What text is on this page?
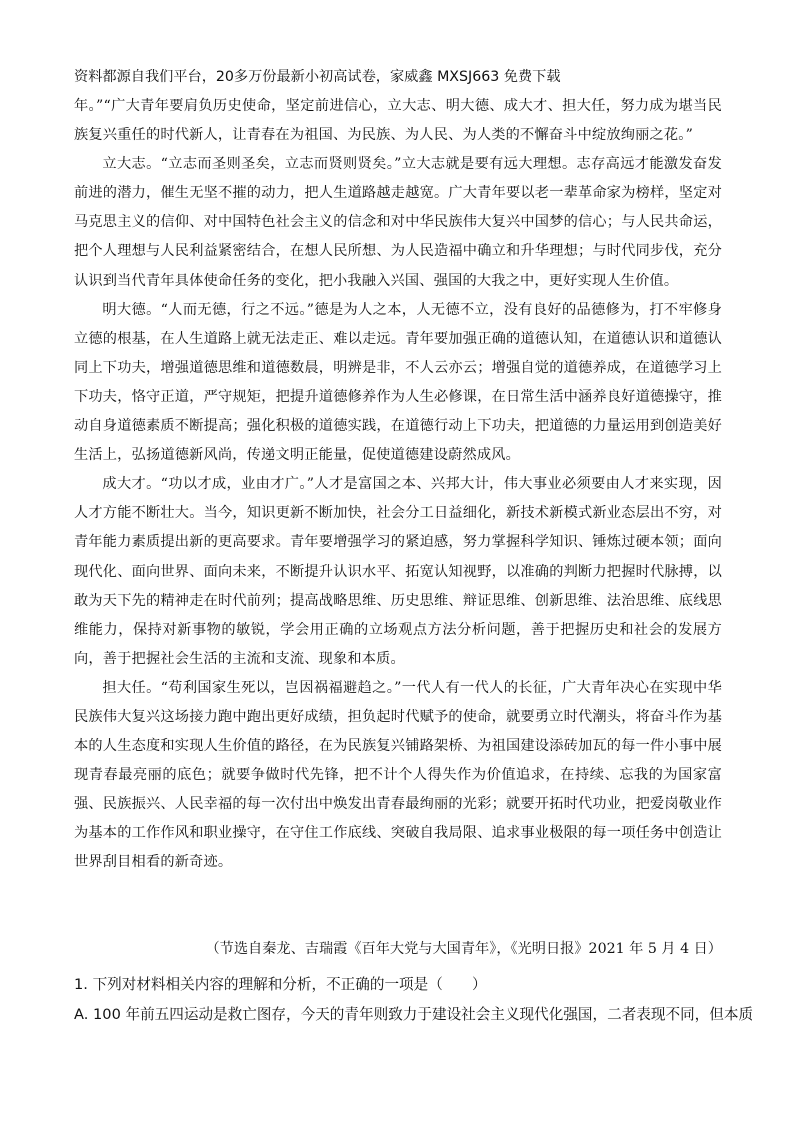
资料都源自我们平台，20多万份最新小初高试卷，家威鑫 MXSJ663 免费下载

年。”“广大青年要肩负历史使命，坚定前进信心，立大志、明大德、成大才、担大任，努力成为堪当民族复兴重任的时代新人，让青春在为祖国、为民族、为人民、为人类的不懈奋斗中绽放绚丽之花。”

立大志。“立志而圣则圣矣，立志而贤则贤矣。”立大志就是要有远大理想。志存高远才能激发奋发前进的潜力，催生无坚不摧的动力，把人生道路越走越宽。广大青年要以老一辈革命家为榜样，坚定对马克思主义的信仰、对中国特色社会主义的信念和对中华民族伟大复兴中国梦的信心；与人民共命运，把个人理想与人民利益紧密结合，在想人民所想、为人民造福中确立和升华理想；与时代同步伐，充分认识到当代青年具体使命任务的变化，把小我融入兴国、强国的大我之中，更好实现人生价值。

明大德。“人而无德，行之不远。”德是为人之本，人无德不立，没有良好的品德修为，打不牢修身立德的根基，在人生道路上就无法走正、难以走远。青年要加强正确的道德认知，在道德认识和道德认同上下功夫，增强道德思维和道德数晨，明辨是非，不人云亦云；增强自觉的道德养成，在道德学习上下功夫，恪守正道，严守规矩，把提升道德修养作为人生必修课，在日常生活中涵养良好道德操守，推动自身道德素质不断提高；强化积极的道德实践，在道德行动上下功夫，把道德的力量运用到创造美好生活上，弘扬道德新风尚，传递文明正能量，促使道德建设蔚然成风。

成大才。“功以才成，业由才广。”人才是富国之本、兴邦大计，伟大事业必须要由人才来实现，因人才方能不断壮大。当今，知识更新不断加快，社会分工日益细化，新技术新模式新业态层出不穷，对青年能力素质提出新的更高要求。青年要增强学习的紧迫感，努力掌握科学知识、锤炼过硬本领；面向现代化、面向世界、面向未来，不断提升认识水平、拓宽认知视野，以准确的判断力把握时代脉搏，以敢为天下先的精神走在时代前列；提高战略思维、历史思维、辩证思维、创新思维、法治思维、底线思维能力，保持对新事物的敏锐，学会用正确的立场观点方法分析问题，善于把握历史和社会的发展方向，善于把握社会生活的主流和支流、现象和本质。

担大任。“苟利国家生死以，岂因祸福避趋之。”一代人有一代人的长征，广大青年决心在实现中华民族伟大复兴这场接力跑中跑出更好成绩，担负起时代赋予的使命，就要勇立时代潮头，将奋斗作为基本的人生态度和实现人生价值的路径，在为民族复兴铺路架桥、为祖国建设添砖加瓦的每一件小事中展现青春最亮丽的底色；就要争做时代先锋，把不计个人得失作为价值追求，在持续、忘我的为国家富强、民族振兴、人民幸福的每一次付出中焕发出青春最绚丽的光彩；就要开拓时代功业，把爱岗敬业作为基本的工作作风和职业操守，在守住工作底线、突破自我局限、追求事业极限的每一项任务中创造让世界刮目相看的新奇迹。

（节选自秦龙、吉瑞霞《百年大党与大国青年》，《光明日报》2021 年 5 月 4 日）
1. 下列对材料相关内容的理解和分析，不正确的一项是（　　）
A. 100 年前五四运动是救亡图存，今天的青年则致力于建设社会主义现代化强国，二者表现不同，但本质
